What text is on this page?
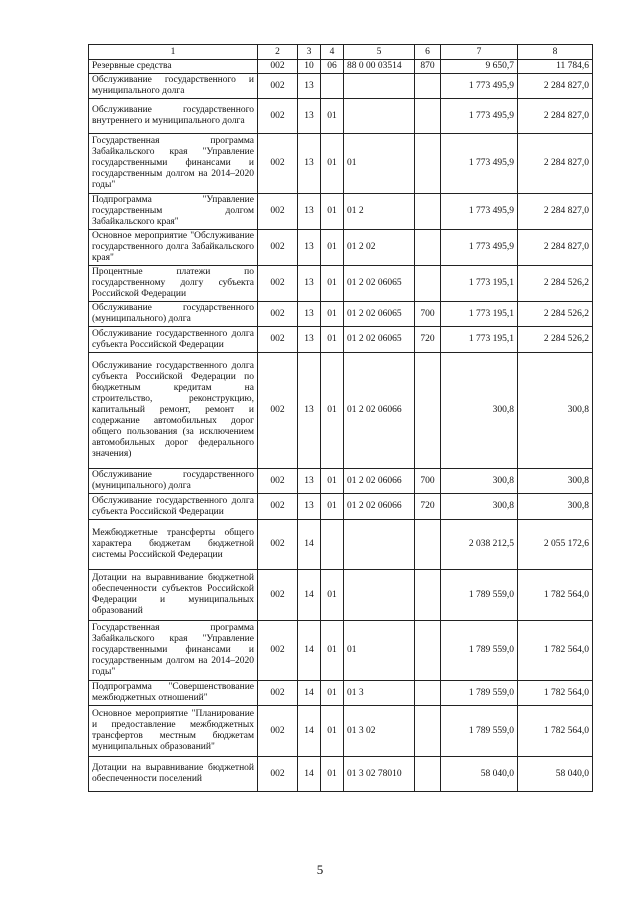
1	2	3	4	5	6	7	8
Резервные средства	002	10	06	88 0 00 03514	870	9 650,7	11 784,6
Обслуживание государственного и муниципального долга	002	13				1 773 495,9	2 284 827,0
Обслуживание государственного внутреннего и муниципального долга	002	13	01			1 773 495,9	2 284 827,0
Государственная программа Забайкальского края "Управление государственными финансами и государственным долгом на 2014–2020 годы"	002	13	01	01		1 773 495,9	2 284 827,0
Подпрограмма "Управление государственным долгом Забайкальского края"	002	13	01	01 2		1 773 495,9	2 284 827,0
Основное мероприятие "Обслуживание государственного долга Забайкальского края"	002	13	01	01 2 02		1 773 495,9	2 284 827,0
Процентные платежи по государственному долгу субъекта Российской Федерации	002	13	01	01 2 02 06065		1 773 195,1	2 284 526,2
Обслуживание государственного (муниципального) долга	002	13	01	01 2 02 06065	700	1 773 195,1	2 284 526,2
Обслуживание государственного долга субъекта Российской Федерации	002	13	01	01 2 02 06065	720	1 773 195,1	2 284 526,2
Обслуживание государственного долга субъекта Российской Федерации по бюджетным кредитам на строительство, реконструкцию, капитальный ремонт, ремонт и содержание автомобильных дорог общего пользования (за исключением автомобильных дорог федерального значения)	002	13	01	01 2 02 06066		300,8	300,8
Обслуживание государственного (муниципального) долга	002	13	01	01 2 02 06066	700	300,8	300,8
Обслуживание государственного долга субъекта Российской Федерации	002	13	01	01 2 02 06066	720	300,8	300,8
Межбюджетные трансферты общего характера бюджетам бюджетной системы Российской Федерации	002	14				2 038 212,5	2 055 172,6
Дотации на выравнивание бюджетной обеспеченности субъектов Российской Федерации и муниципальных образований	002	14	01			1 789 559,0	1 782 564,0
Государственная программа Забайкальского края "Управление государственными финансами и государственным долгом на 2014–2020 годы"	002	14	01	01		1 789 559,0	1 782 564,0
Подпрограмма "Совершенствование межбюджетных отношений"	002	14	01	01 3		1 789 559,0	1 782 564,0
Основное мероприятие "Планирование и предоставление межбюджетных трансфертов местным бюджетам муниципальных образований"	002	14	01	01 3 02		1 789 559,0	1 782 564,0
Дотации на выравнивание бюджетной обеспеченности поселений	002	14	01	01 3 02 78010		58 040,0	58 040,0
5
